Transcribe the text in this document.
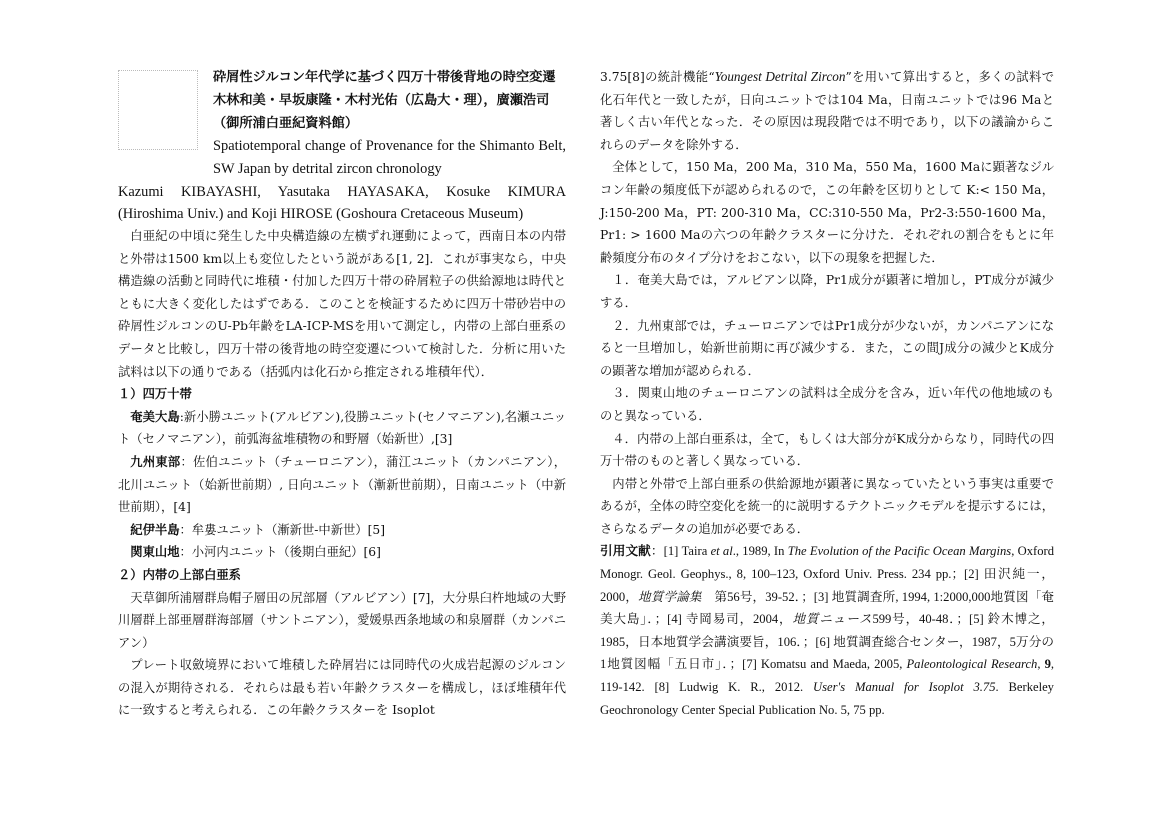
砕屑性ジルコン年代学に基づく四万十帯後背地の時空変遷
木林和美・早坂康隆・木村光佑（広島大・理），廣瀬浩司（御所浦白亜紀資料館）
Spatiotemporal change of Provenance for the Shimanto Belt, SW Japan by detrital zircon chronology
Kazumi KIBAYASHI, Yasutaka HAYASAKA, Kosuke KIMURA
(Hiroshima Univ.) and Koji HIROSE (Goshoura Cretaceous Museum)

白亜紀の中頃に発生した中央構造線の左横ずれ運動によって，西南日本の内帯と外帯は1500 km以上も変位したという説がある[1, 2]．これが事実なら，中央構造線の活動と同時代に堆積・付加した四万十帯の砕屑粒子の供給源地は時代とともに大きく変化したはずである．このことを検証するために四万十帯砂岩中の砕屑性ジルコンのU-Pb年齢をLA-ICP-MSを用いて測定し，内帯の上部白亜系のデータと比較し，四万十帯の後背地の時空変遷について検討した．分析に用いた試料は以下の通りである（括弧内は化石から推定される堆積年代）．

１）四万十帯

奄美大島:新小勝ユニット(アルビアン),役勝ユニット(セノマニアン),名瀬ユニット（セノマニアン），前弧海盆堆積物の和野層（始新世）,[3]

九州東部：佐伯ユニット（チューロニアン），蒲江ユニット（カンパニアン），北川ユニット（始新世前期）, 日向ユニット（漸新世前期），日南ユニット（中新世前期），[4]

紀伊半島：牟婁ユニット（漸新世-中新世）[5]

関東山地：小河内ユニット（後期白亜紀）[6]

２）内帯の上部白亜系

天草御所浦層群烏帽子層田の尻部層（アルビアン）[7]，大分県臼杵地域の大野川層群上部亜層群海部層（サントニアン），愛媛県西条地域の和泉層群（カンパニアン）

プレート収斂境界において堆積した砕屑岩には同時代の火成岩起源のジルコンの混入が期待される．それらは最も若い年齢クラスターを構成し，ほぼ堆積年代に一致すると考えられる．この年齢クラスターを Isoplot

3.75[8]の統計機能“Youngest Detrital Zircon”を用いて算出すると，多くの試料で化石年代と一致したが，日向ユニットでは104 Ma，日南ユニットでは96 Maと著しく古い年代となった．その原因は現段階では不明であり，以下の議論からこれらのデータを除外する．

全体として，150 Ma，200 Ma，310 Ma，550 Ma，1600 Maに顕著なジルコン年齢の頻度低下が認められるので，この年齢を区切りとして K:< 150 Ma，J:150-200 Ma，PT: 200-310 Ma，CC:310-550 Ma，Pr2-3:550-1600 Ma，Pr1: > 1600 Maの六つの年齢クラスターに分けた．それぞれの割合をもとに年齢頻度分布のタイプ分けをおこない，以下の現象を把握した．

１．奄美大島では，アルビアン以降，Pr1成分が顕著に増加し，PT成分が減少する．

２．九州東部では，チューロニアンではPr1成分が少ないが，カンパニアンになると一旦増加し，始新世前期に再び減少する．また，この間J成分の減少とK成分の顕著な増加が認められる．

３．関東山地のチューロニアンの試料は全成分を含み，近い年代の他地域のものと異なっている．

４．内帯の上部白亜系は，全て，もしくは大部分がK成分からなり，同時代の四万十帯のものと著しく異なっている．

内帯と外帯で上部白亜系の供給源地が顕著に異なっていたという事実は重要であるが，全体の時空変化を統一的に説明するテクトニックモデルを提示するには，さらなるデータの追加が必要である．

引用文献：[1] Taira et al., 1989, In The Evolution of the Pacific Ocean Margins, Oxford Monogr. Geol. Geophys., 8, 100–123, Oxford Univ. Press. 234 pp.；[2] 田沢純一，2000，地質学論集　第56号，39-52．；[3] 地質調査所, 1994, 1:2000,000地質図「奄美大島」．；[4] 寺岡易司，2004，地質ニュース599号，40-48．；[5] 鈴木博之，1985，日本地質学会講演要旨，106．；[6] 地質調査総合センター，1987，5万分の1地質図幅「五日市」．；[7] Komatsu and Maeda, 2005, Paleontological Research, 9, 119-142. [8] Ludwig K. R., 2012. User's Manual for Isoplot 3.75. Berkeley Geochronology Center Special Publication No. 5, 75 pp.
